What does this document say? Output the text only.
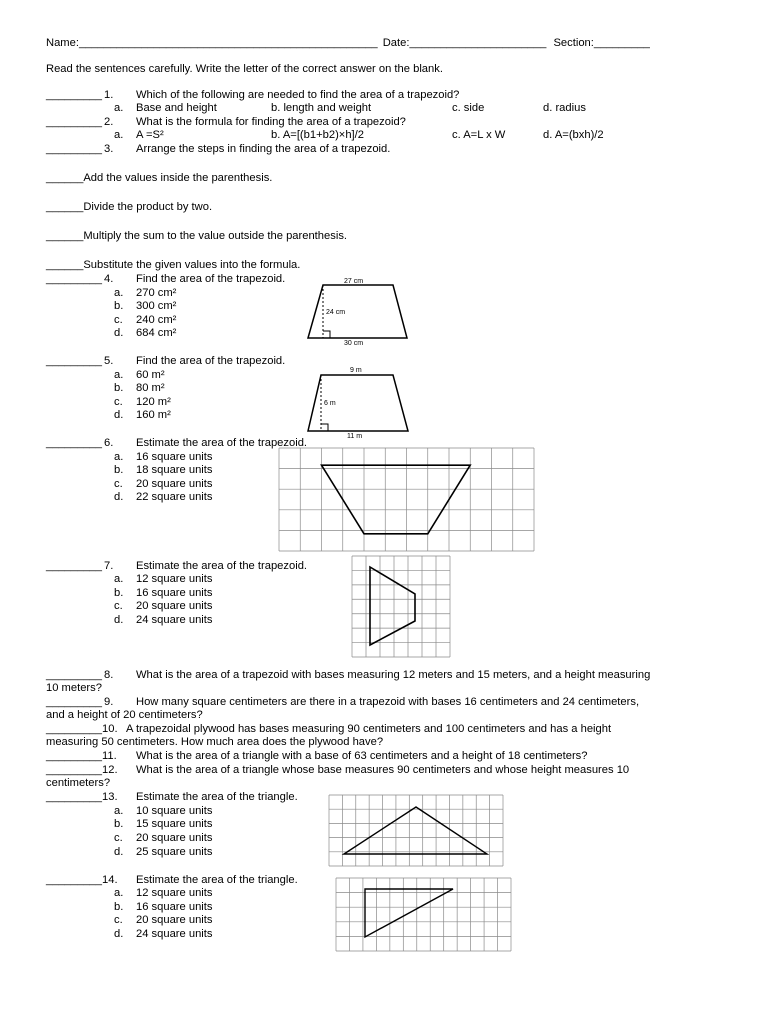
Name:________________________________________________ Date:______________________ Section:_________
Read the sentences carefully. Write the letter of the correct answer on the blank.
_________ 1. Which of the following are needed to find the area of a trapezoid?
a. Base and height	b. length and weight	c. side	d. radius
_________ 2. What is the formula for finding the area of a trapezoid?
a. A =S²	b. A=[(b1+b2)×h]/2	c. A=L x W	d. A=(bxh)/2
_________ 3. Arrange the steps in finding the area of a trapezoid.
______Add the values inside the parenthesis.
______Divide the product by two.
______Multiply the sum to the value outside the parenthesis.
______Substitute the given values into the formula.
_________ 4. Find the area of the trapezoid.
a. 270 cm²
b. 300 cm²
c. 240 cm²
d. 684 cm²
27 cm
24 cm
30 cm
_________ 5. Find the area of the trapezoid.
a. 60 m²
b. 80 m²
c. 120 m²
d. 160 m²
9 m
6 m
11 m
_________ 6. Estimate the area of the trapezoid.
a. 16 square units
b. 18 square units
c. 20 square units
d. 22 square units
_________ 7. Estimate the area of the trapezoid.
a. 12 square units
b. 16 square units
c. 20 square units
d. 24 square units
_________ 8. What is the area of a trapezoid with bases measuring 12 meters and 15 meters, and a height measuring
10 meters?
_________ 9. How many square centimeters are there in a trapezoid with bases 16 centimeters and 24 centimeters,
and a height of 20 centimeters?
_________ 10. A trapezoidal plywood has bases measuring 90 centimeters and 100 centimeters and has a height
measuring 50 centimeters. How much area does the plywood have?
_________ 11. What is the area of a triangle with a base of 63 centimeters and a height of 18 centimeters?
_________ 12. What is the area of a triangle whose base measures 90 centimeters and whose height measures 10
centimeters?
_________ 13. Estimate the area of the triangle.
a. 10 square units
b. 15 square units
c. 20 square units
d. 25 square units
_________ 14. Estimate the area of the triangle.
a. 12 square units
b. 16 square units
c. 20 square units
d. 24 square units
